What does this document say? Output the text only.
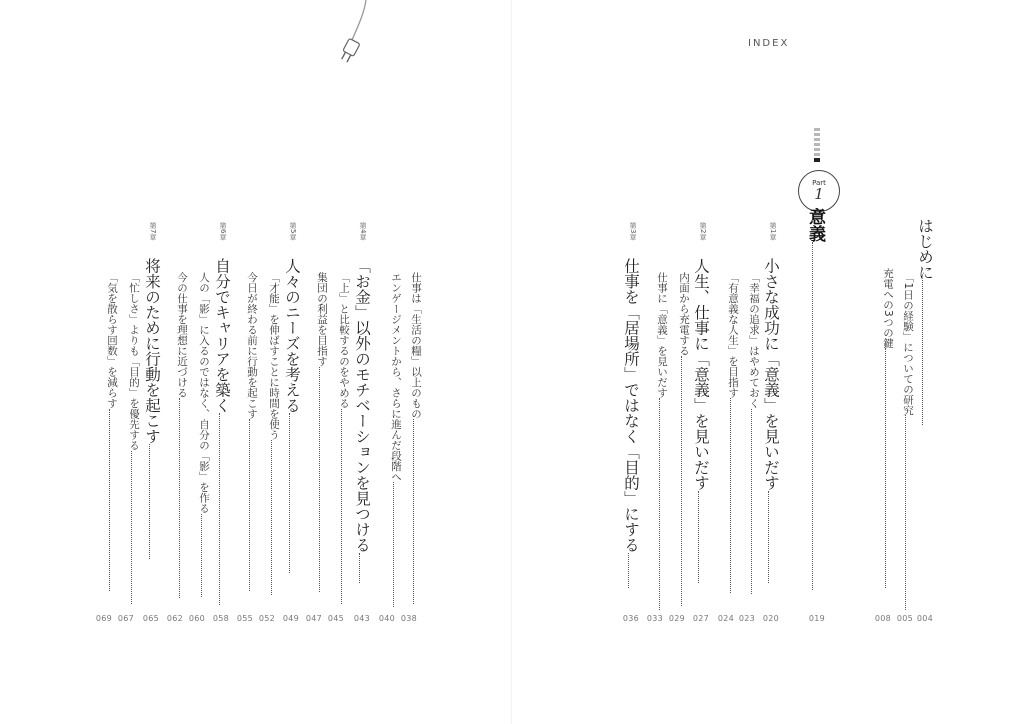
INDEX
Part
1
はじめに
004
「1日の経験」についての研究
005
充電への3つの鍵
008
意義
019
第1章
小さな成功に「意義」を見いだす
020
「幸福の追求」はやめておく
023
「有意義な人生」を目指す
024
第2章
人生、仕事に「意義」を見いだす
027
内面から充電する
029
仕事に「意義」を見いだす
033
第3章
仕事を「居場所」ではなく「目的」にする
036
仕事は「生活の糧」以上のもの
038
エンゲージメントから、さらに進んだ段階へ
040
第4章
「お金」以外のモチベーションを見つける
043
「上」と比較するのをやめる
045
集団の利益を目指す
047
第5章
人々のニーズを考える
049
「才能」を伸ばすことに時間を使う
052
今日が終わる前に行動を起こす
055
第6章
自分でキャリアを築く
058
人の「影」に入るのではなく、自分の「影」を作る
060
今の仕事を理想に近づける
062
第7章
将来のために行動を起こす
065
「忙しさ」よりも「目的」を優先する
067
「気を散らす回数」を減らす
069
